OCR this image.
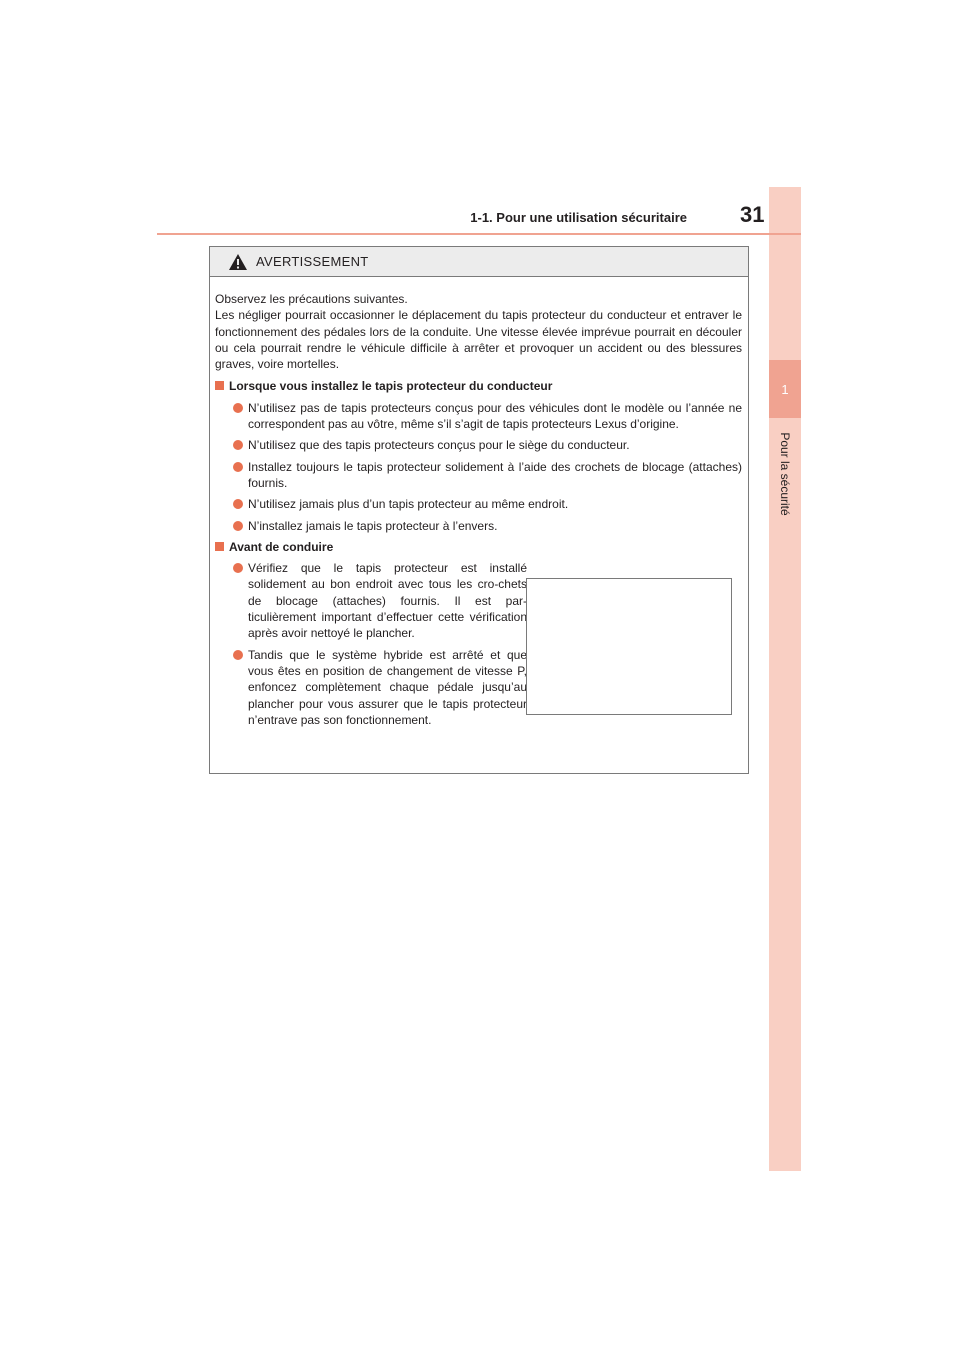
1
Pour la sécurité
1-1. Pour une utilisation sécuritaire 31
AVERTISSEMENT

Observez les précautions suivantes.

Les négliger pourrait occasionner le déplacement du tapis protecteur du conducteur et entraver le fonctionnement des pédales lors de la conduite. Une vitesse élevée imprévue pourrait en découler ou cela pourrait rendre le véhicule difficile à arrêter et provoquer un accident ou des blessures graves, voire mortelles.

Lorsque vous installez le tapis protecteur du conducteur
N’utilisez pas de tapis protecteurs conçus pour des véhicules dont le modèle ou l’année ne correspondent pas au vôtre, même s’il s’agit de tapis protecteurs Lexus d’origine.
N’utilisez que des tapis protecteurs conçus pour le siège du conducteur.
Installez toujours le tapis protecteur solidement à l’aide des crochets de blocage (attaches) fournis.
N’utilisez jamais plus d’un tapis protecteur au même endroit.
N’installez jamais le tapis protecteur à l’envers.
Avant de conduire
Vérifiez que le tapis protecteur est installé solidement au bon endroit avec tous les cro-chets de blocage (attaches) fournis. Il est par-ticulièrement important d’effectuer cette vérification après avoir nettoyé le plancher.
Tandis que le système hybride est arrêté et que vous êtes en position de changement de vitesse P, enfoncez complètement chaque pédale jusqu’au plancher pour vous assurer que le tapis protecteur n’entrave pas son fonctionnement.
